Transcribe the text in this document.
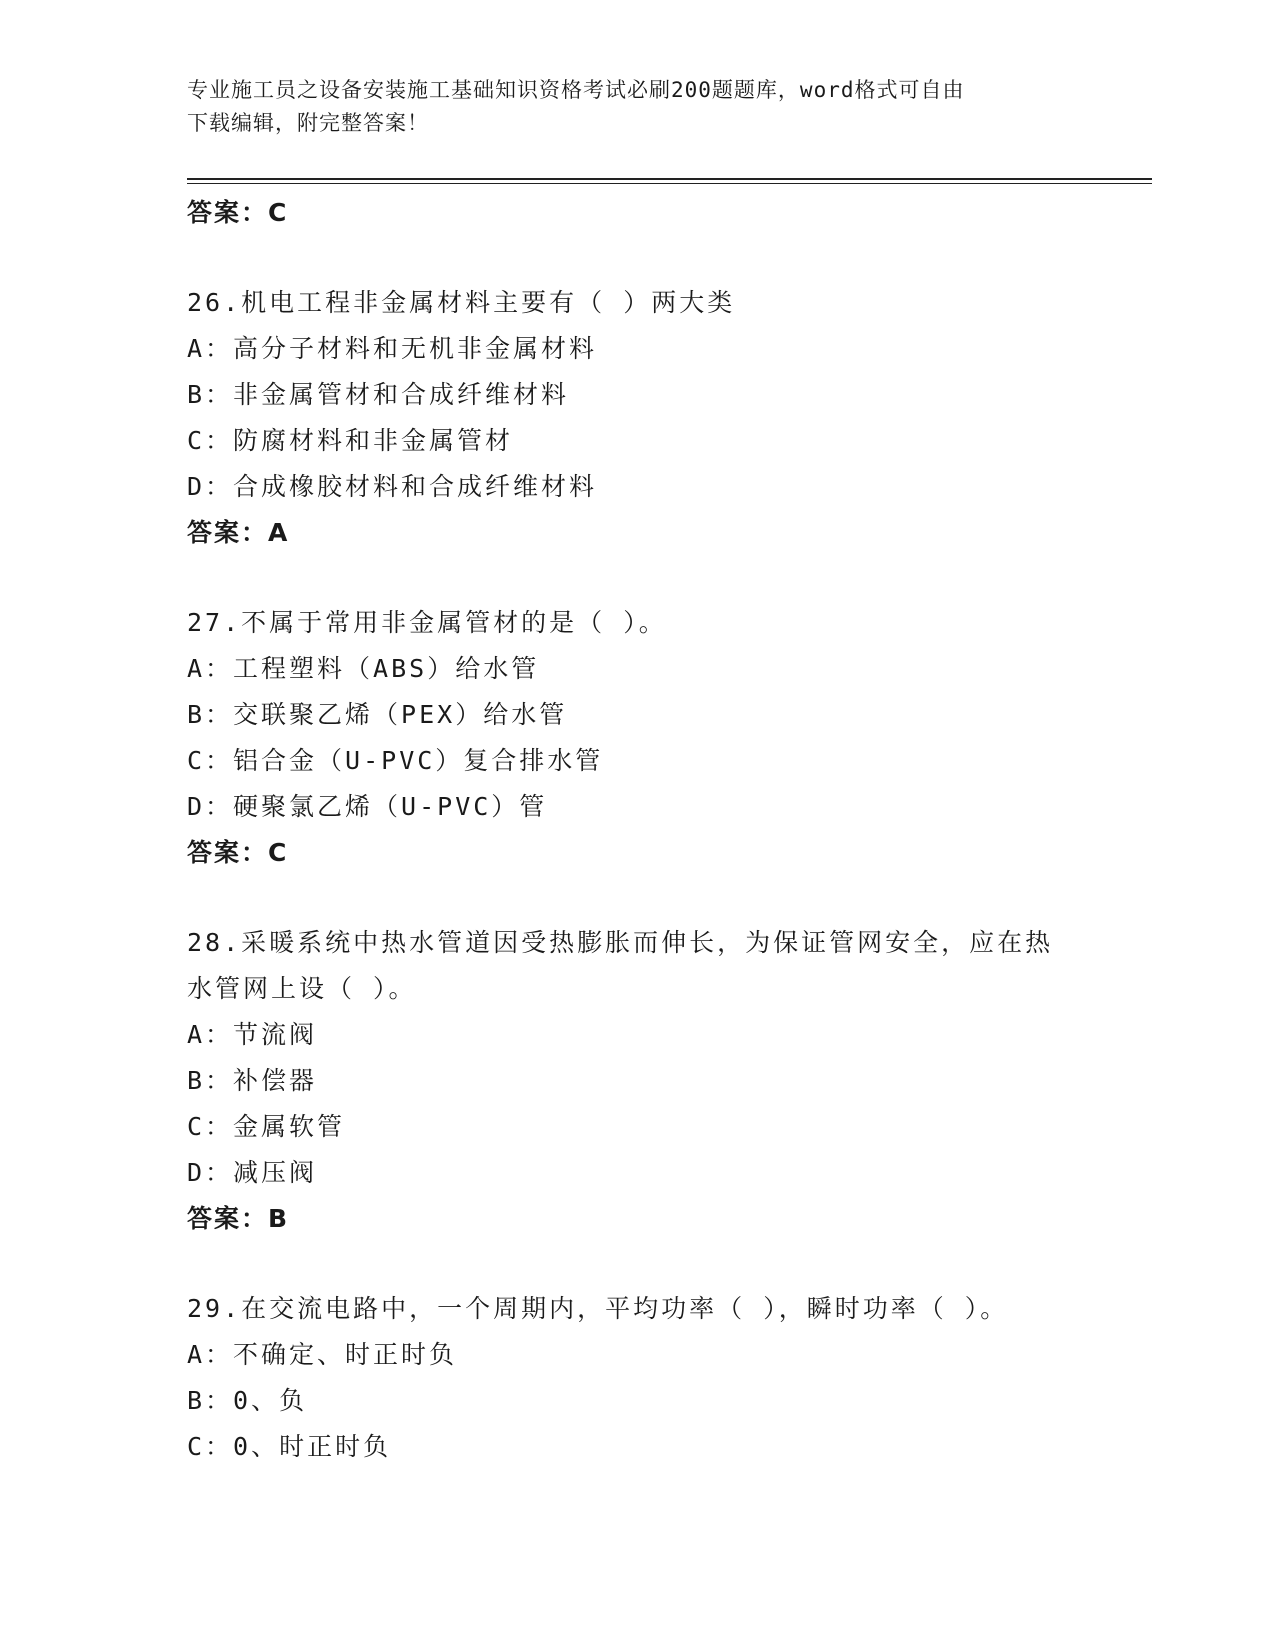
专业施工员之设备安装施工基础知识资格考试必刷200题题库，word格式可自由
下载编辑，附完整答案！
答案：C
26.机电工程非金属材料主要有（ ）两大类
A：高分子材料和无机非金属材料
B：非金属管材和合成纤维材料
C：防腐材料和非金属管材
D：合成橡胶材料和合成纤维材料
答案：A
27.不属于常用非金属管材的是（ ）。
A：工程塑料（ABS）给水管
B：交联聚乙烯（PEX）给水管
C：铝合金（U-PVC）复合排水管
D：硬聚氯乙烯（U-PVC）管
答案：C
28.采暖系统中热水管道因受热膨胀而伸长，为保证管网安全，应在热
水管网上设（ ）。
A：节流阀
B：补偿器
C：金属软管
D：减压阀
答案：B
29.在交流电路中，一个周期内，平均功率（ ），瞬时功率（ ）。
A：不确定、时正时负
B：0、负
C：0、时正时负
